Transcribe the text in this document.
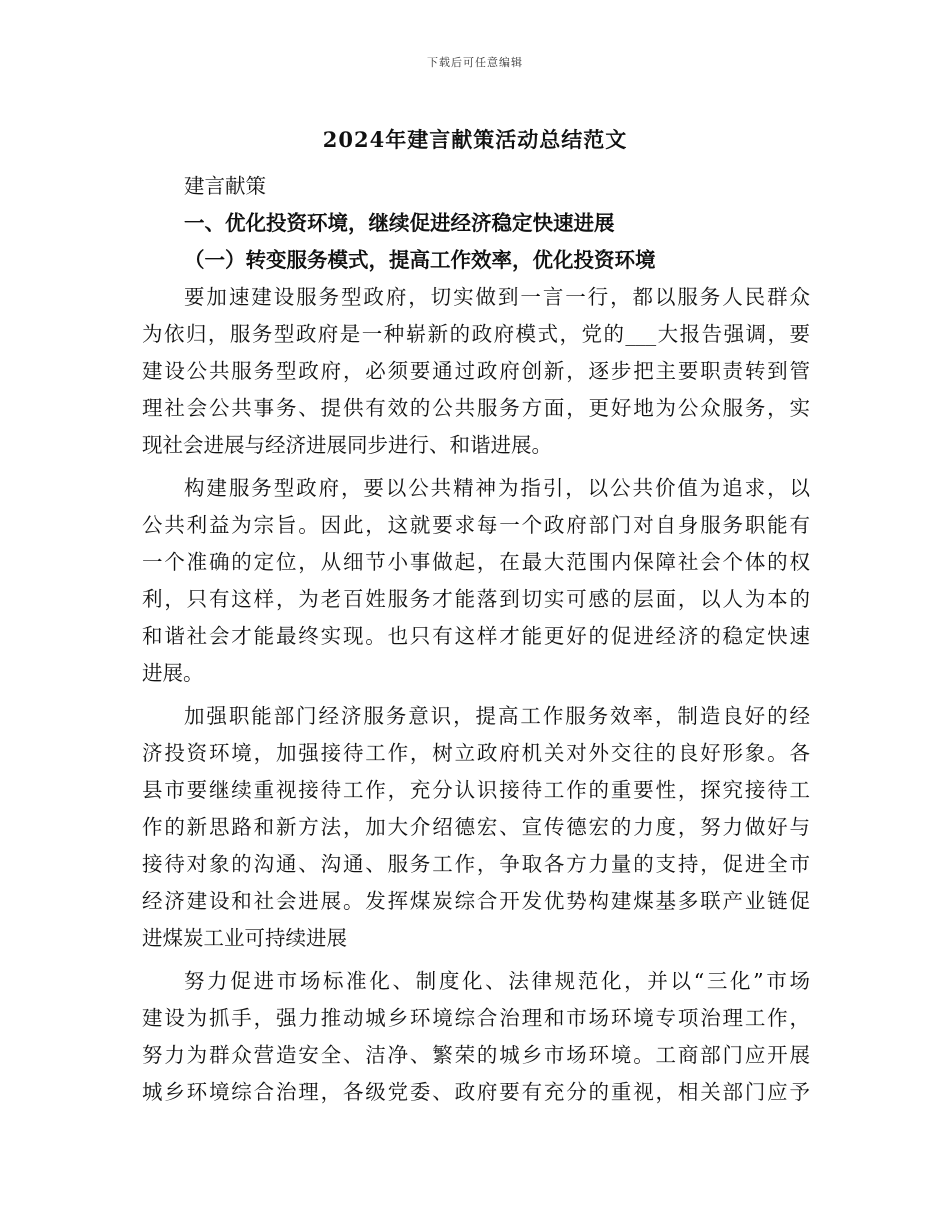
下载后可任意编辑
2024年建言献策活动总结范文
建言献策
一、优化投资环境，继续促进经济稳定快速进展
（一）转变服务模式，提高工作效率，优化投资环境
要加速建设服务型政府，切实做到一言一行，都以服务人民群众
为依归，服务型政府是一种崭新的政府模式，党的___大报告强调，要
建设公共服务型政府，必须要通过政府创新，逐步把主要职责转到管
理社会公共事务、提供有效的公共服务方面，更好地为公众服务，实
现社会进展与经济进展同步进行、和谐进展。
构建服务型政府，要以公共精神为指引，以公共价值为追求，以
公共利益为宗旨。因此，这就要求每一个政府部门对自身服务职能有
一个准确的定位，从细节小事做起，在最大范围内保障社会个体的权
利，只有这样，为老百姓服务才能落到切实可感的层面，以人为本的
和谐社会才能最终实现。也只有这样才能更好的促进经济的稳定快速
进展。
加强职能部门经济服务意识，提高工作服务效率，制造良好的经
济投资环境，加强接待工作，树立政府机关对外交往的良好形象。各
县市要继续重视接待工作，充分认识接待工作的重要性，探究接待工
作的新思路和新方法，加大介绍德宏、宣传德宏的力度，努力做好与
接待对象的沟通、沟通、服务工作，争取各方力量的支持，促进全市
经济建设和社会进展。发挥煤炭综合开发优势构建煤基多联产业链促
进煤炭工业可持续进展
努力促进市场标准化、制度化、法律规范化，并以“三化”市场
建设为抓手，强力推动城乡环境综合治理和市场环境专项治理工作，
努力为群众营造安全、洁净、繁荣的城乡市场环境。工商部门应开展
城乡环境综合治理，各级党委、政府要有充分的重视，相关部门应予
